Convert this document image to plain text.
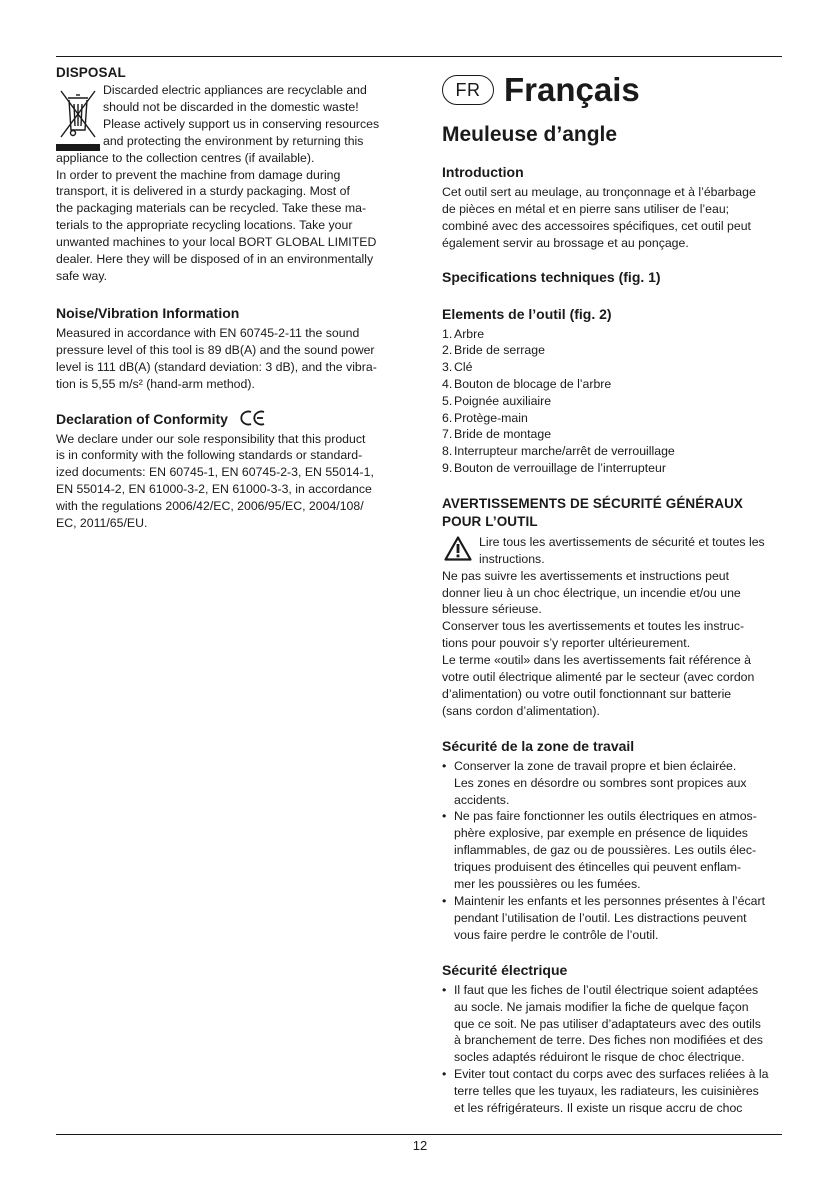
DISPOSAL

Discarded electric appliances are recyclable and

should not be discarded in the domestic waste!

Please actively support us in conserving resources

and protecting the environment by returning this

appliance to the collection centres (if available).

In order to prevent the machine from damage during

transport, it is delivered in a sturdy packaging. Most of

the packaging materials can be recycled. Take these ma-

terials to the appropriate recycling locations. Take your

unwanted machines to your local BORT GLOBAL LIMITED

dealer. Here they will be disposed of in an environmentally

safe way.

Noise/Vibration Information

Measured in accordance with EN 60745-2-11 the sound

pressure level of this tool is 89 dB(A) and the sound power

level is 111 dB(A) (standard deviation: 3 dB), and the vibra-

tion is 5,55 m/s² (hand-arm method).

Declaration of Conformity

We declare under our sole responsibility that this product

is in conformity with the following standards or standard-

ized documents: EN 60745-1, EN 60745-2-3, EN 55014-1,

EN 55014-2, EN 61000-3-2, EN 61000-3-3, in accordance

with the regulations 2006/42/EC, 2006/95/EC, 2004/108/

EC, 2011/65/EU.

FR Français
Meuleuse d’angle
Introduction

Cet outil sert au meulage, au tronçonnage et à l’ébarbage

de pièces en métal et en pierre sans utiliser de l’eau;

combiné avec des accessoires spécifiques, cet outil peut

également servir au brossage et au ponçage.

Specifications techniques (fig. 1)
Elements de l’outil (fig. 2)
1. Arbre
2. Bride de serrage
3. Clé
4. Bouton de blocage de l’arbre
5. Poignée auxiliaire
6. Protège-main
7. Bride de montage
8. Interrupteur marche/arrêt de verrouillage
9. Bouton de verrouillage de l’interrupteur
AVERTISSEMENTS DE SÉCURITÉ GÉNÉRAUX
POUR L’OUTIL

Lire tous les avertissements de sécurité et toutes les

instructions.

Ne pas suivre les avertissements et instructions peut

donner lieu à un choc électrique, un incendie et/ou une

blessure sérieuse.

Conserver tous les avertissements et toutes les instruc-

tions pour pouvoir s’y reporter ultérieurement.

Le terme «outil» dans les avertissements fait référence à

votre outil électrique alimenté par le secteur (avec cordon

d’alimentation) ou votre outil fonctionnant sur batterie

(sans cordon d’alimentation).

Sécurité de la zone de travail
• Conserver la zone de travail propre et bien éclairée.
Les zones en désordre ou sombres sont propices aux
accidents.
• Ne pas faire fonctionner les outils électriques en atmos-
phère explosive, par exemple en présence de liquides
inflammables, de gaz ou de poussières. Les outils élec-
triques produisent des étincelles qui peuvent enflam-
mer les poussières ou les fumées.
• Maintenir les enfants et les personnes présentes à l’écart
pendant l’utilisation de l’outil. Les distractions peuvent
vous faire perdre le contrôle de l’outil.
Sécurité électrique
• Il faut que les fiches de l’outil électrique soient adaptées
au socle. Ne jamais modifier la fiche de quelque façon
que ce soit. Ne pas utiliser d’adaptateurs avec des outils
à branchement de terre. Des fiches non modifiées et des
socles adaptés réduiront le risque de choc électrique.
• Eviter tout contact du corps avec des surfaces reliées à la
terre telles que les tuyaux, les radiateurs, les cuisinières
et les réfrigérateurs. Il existe un risque accru de choc
12
